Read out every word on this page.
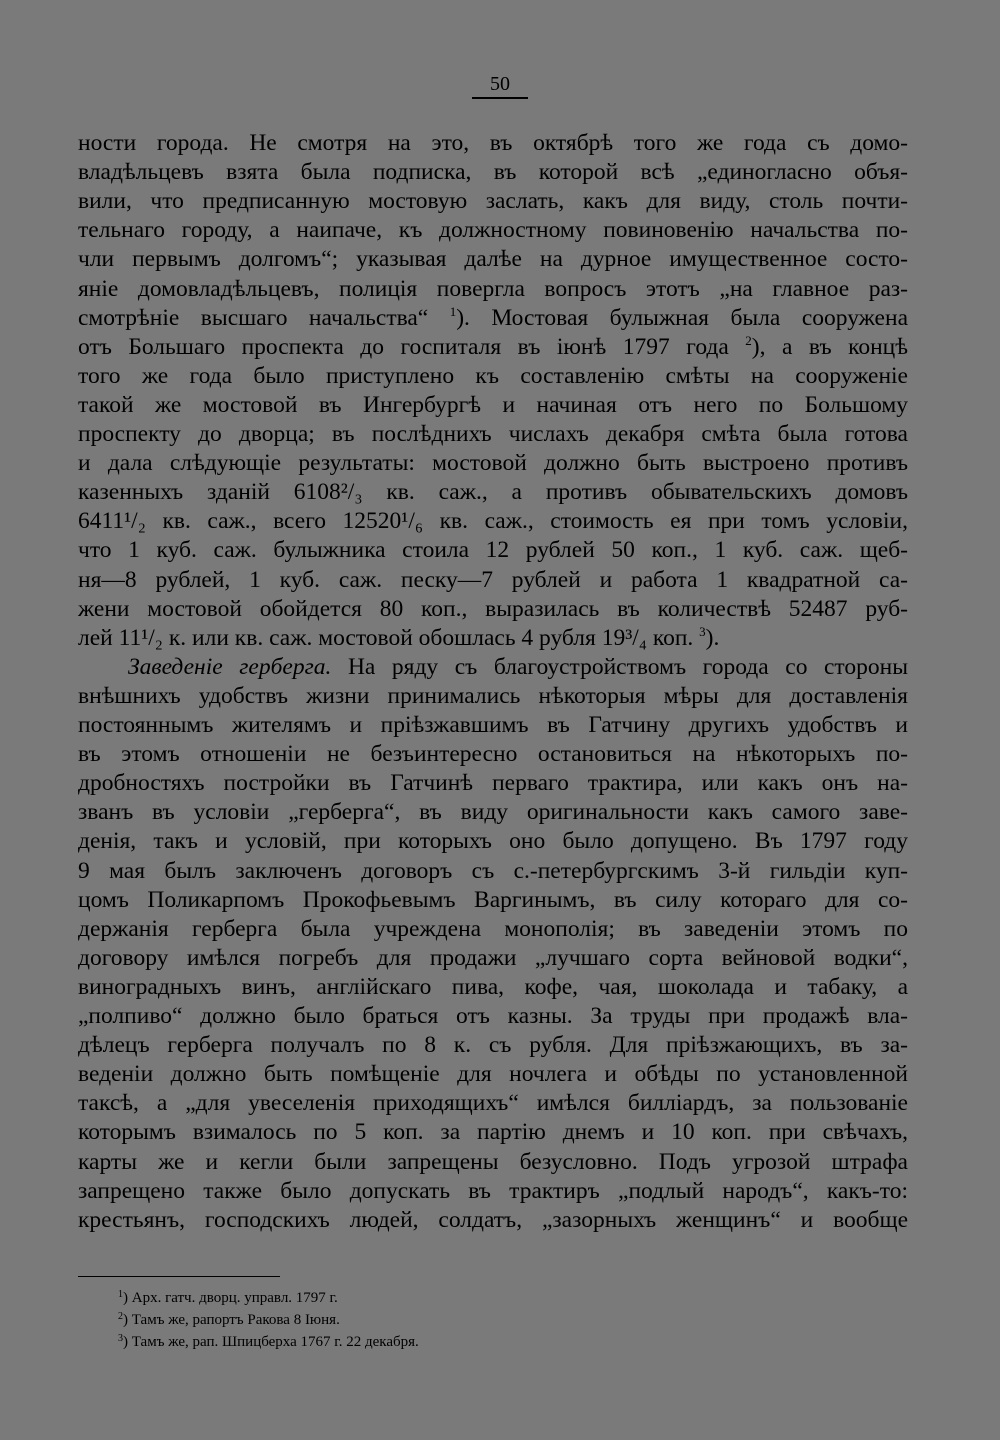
50
ности города. Не смотря на это, въ октябрѣ того же года съ домо-
владѣльцевъ взята была подписка, въ которой всѣ „единогласно объя-
вили, что предписанную мостовую заслать, какъ для виду, столь почти-
тельнаго городу, а наипаче, къ должностному повиновенію начальства по-
чли первымъ долгомъ“; указывая далѣе на дурное имущественное состо-
яніе домовладѣльцевъ, полиція повергла вопросъ этотъ „на главное раз-
смотрѣніе высшаго начальства“ $^1$). Мостовая булыжная была сооружена
отъ Большаго проспекта до госпиталя въ іюнѣ 1797 года $^2$), а въ концѣ
того же года было приступлено къ составленію смѣты на сооруженіе
такой же мостовой въ Ингербургѣ и начиная отъ него по Большому
проспекту до дворца; въ послѣднихъ числахъ декабря смѣта была готова
и дала слѣдующіе результаты: мостовой должно быть выстроено противъ
казенныхъ зданій 6108²/₃ кв. саж., а противъ обывательскихъ домовъ
6411¹/₂ кв. саж., всего 12520¹/₆ кв. саж., стоимость ея при томъ условіи,
что 1 куб. саж. булыжника стоила 12 рублей 50 коп., 1 куб. саж. щеб-
ня—8 рублей, 1 куб. саж. песку—7 рублей и работа 1 квадратной са-
жени мостовой обойдется 80 коп., выразилась въ количествѣ 52487 руб-
лей 11¹/₂ к. или кв. саж. мостовой обошлась 4 рубля 19³/₄ коп. $^3$).
Заведеніе герберга. На ряду съ благоустройствомъ города со стороны
внѣшнихъ удобствъ жизни принимались нѣкоторыя мѣры для доставленія
постояннымъ жителямъ и пріѣзжавшимъ въ Гатчину другихъ удобствъ и
въ этомъ отношеніи не безъинтересно остановиться на нѣкоторыхъ по-
дробностяхъ постройки въ Гатчинѣ перваго трактира, или какъ онъ на-
званъ въ условіи „герберга“, въ виду оригинальности какъ самого заве-
денія, такъ и условій, при которыхъ оно было допущено. Въ 1797 году
9 мая былъ заключенъ договоръ съ с.-петербургскимъ 3-й гильдіи куп-
цомъ Поликарпомъ Прокофьевымъ Варгинымъ, въ силу котораго для со-
держанія герберга была учреждена монополія; въ заведеніи этомъ по
договору имѣлся погребъ для продажи „лучшаго сорта вейновой водки“,
виноградныхъ винъ, англійскаго пива, кофе, чая, шоколада и табаку, а
„полпиво“ должно было браться отъ казны. За труды при продажѣ вла-
дѣлецъ герберга получалъ по 8 к. съ рубля. Для пріѣзжающихъ, въ за-
веденіи должно быть помѣщеніе для ночлега и обѣды по установленной
таксѣ, а „для увеселенія приходящихъ“ имѣлся билліардъ, за пользованіе
которымъ взималось по 5 коп. за партію днемъ и 10 коп. при свѣчахъ,
карты же и кегли были запрещены безусловно. Подъ угрозой штрафа
запрещено также было допускать въ трактиръ „подлый народъ“, какъ-то:
крестьянъ, господскихъ людей, солдатъ, „зазорныхъ женщинъ“ и вообще
$^1$) Арх. гатч. дворц. управл. 1797 г.
$^2$) Тамъ же, рапортъ Ракова 8 Іюня.
$^3$) Тамъ же, рап. Шпицберха 1767 г. 22 декабря.
